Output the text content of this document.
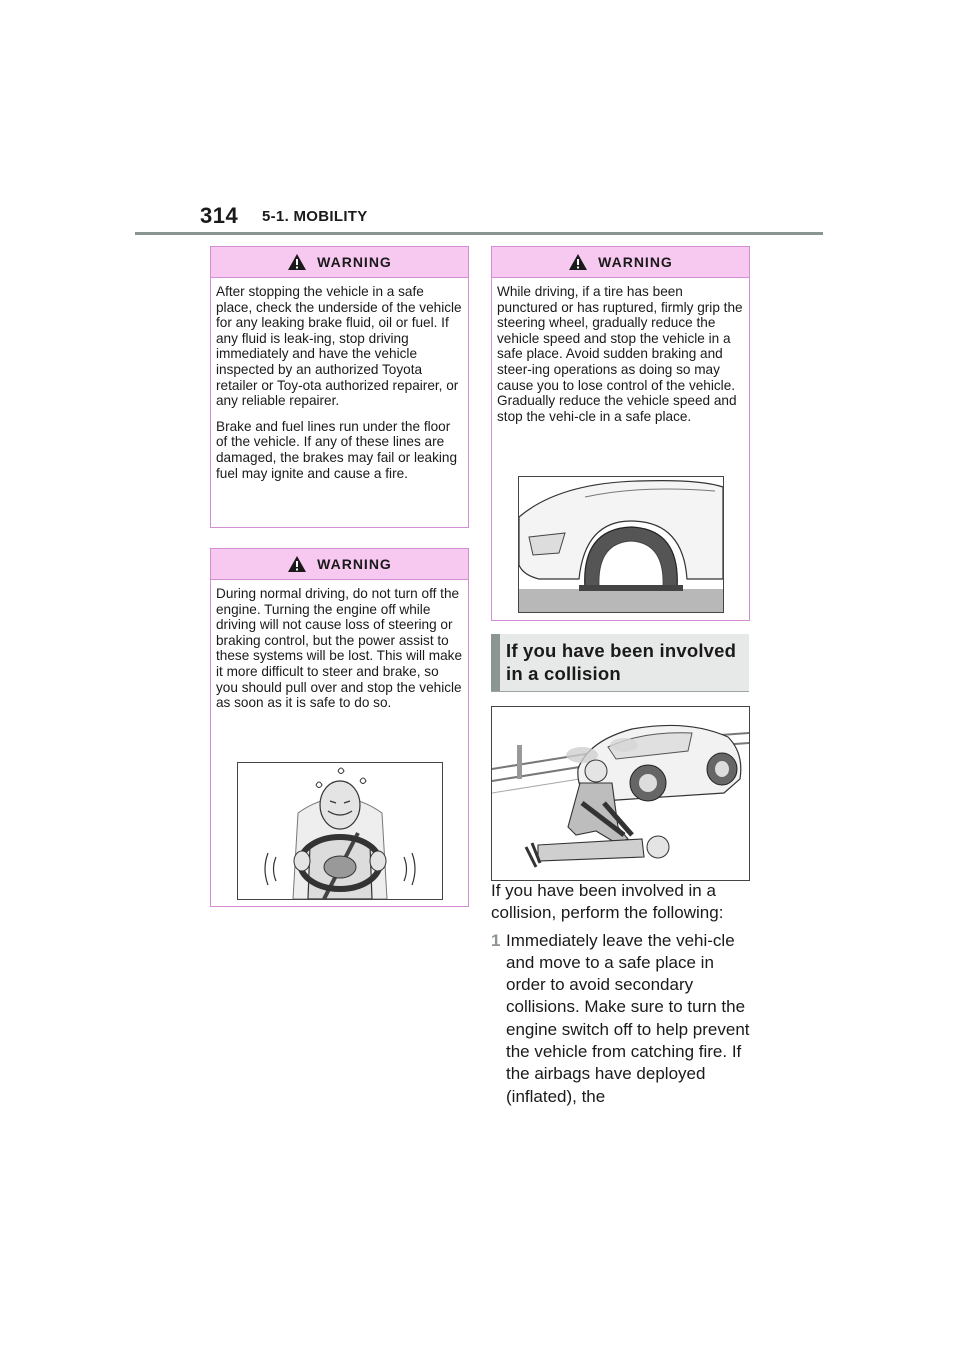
314 5-1. MOBILITY
WARNING

After stopping the vehicle in a safe place, check the underside of the vehicle for any leaking brake fluid, oil or fuel. If any fluid is leak-ing, stop driving immediately and have the vehicle inspected by an authorized Toyota retailer or Toy-ota authorized repairer, or any reliable repairer.

Brake and fuel lines run under the floor of the vehicle. If any of these lines are damaged, the brakes may fail or leaking fuel may ignite and cause a fire.

WARNING

During normal driving, do not turn off the engine. Turning the engine off while driving will not cause loss of steering or braking control, but the power assist to these systems will be lost. This will make it more difficult to steer and brake, so you should pull over and stop the vehicle as soon as it is safe to do so.

WARNING

While driving, if a tire has been punctured or has ruptured, firmly grip the steering wheel, gradually reduce the vehicle speed and stop the vehicle in a safe place. Avoid sudden braking and steer-ing operations as doing so may cause you to lose control of the vehicle. Gradually reduce the vehicle speed and stop the vehi-cle in a safe place.

If you have been involved in a collision

If you have been involved in a collision, perform the following:

1 Immediately leave the vehi-cle and move to a safe place in order to avoid secondary collisions. Make sure to turn the engine switch off to help prevent the vehicle from catching fire. If the airbags have deployed (inflated), the
